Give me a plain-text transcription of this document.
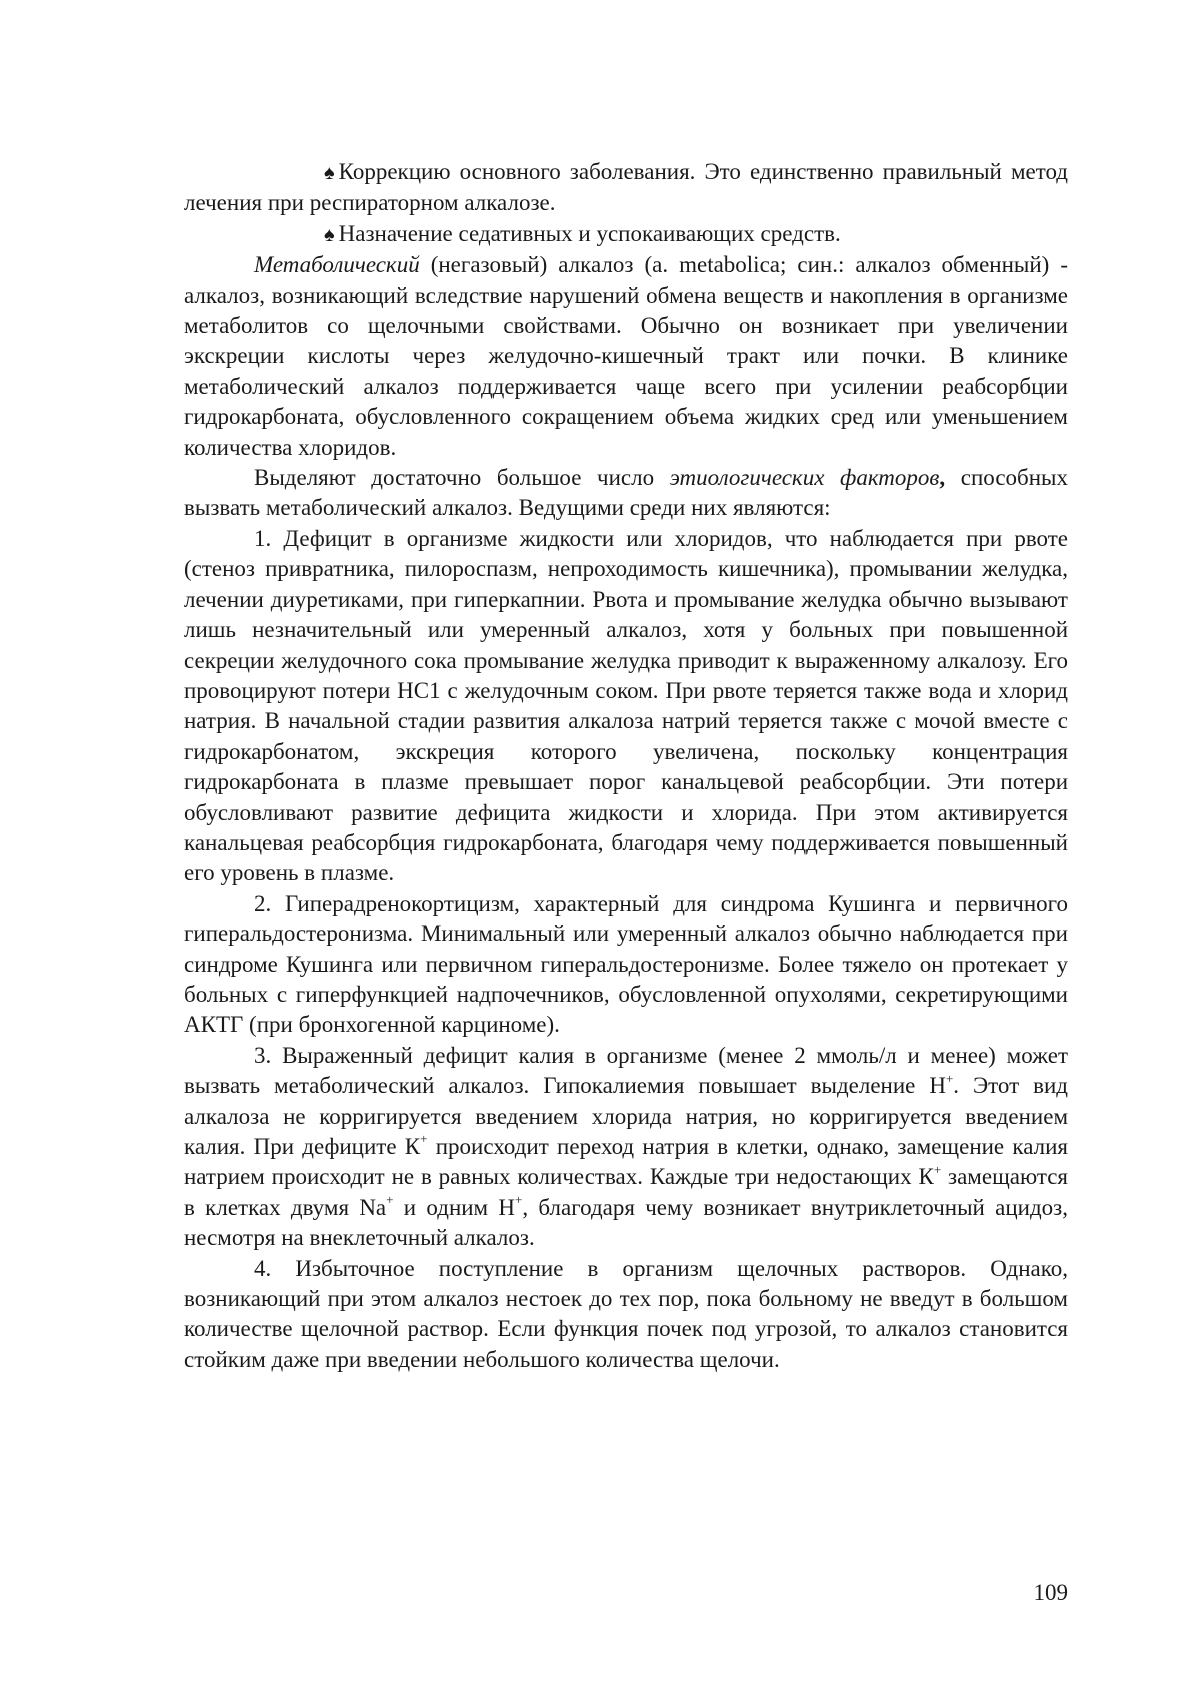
♠ Коррекцию основного заболевания. Это единственно правильный метод лечения при респираторном алкалозе.

♠ Назначение седативных и успокаивающих средств.

Метаболический (негазовый) алкалоз (a. metabolica; син.: алкалоз обменный) - алкалоз, возникающий вследствие нарушений обмена веществ и накопления в организме метаболитов со щелочными свойствами. Обычно он возникает при увеличении экскреции кислоты через желудочно-кишечный тракт или почки. В клинике метаболический алкалоз поддерживается чаще всего при усилении реабсорбции гидрокарбоната, обусловленного сокращением объема жидких сред или уменьшением количества хлоридов.

Выделяют достаточно большое число этиологических факторов, способных вызвать метаболический алкалоз. Ведущими среди них являются:

1. Дефицит в организме жидкости или хлоридов, что наблюдается при рвоте (стеноз привратника, пилороспазм, непроходимость кишечника), промывании желудка, лечении диуретиками, при гиперкапнии. Рвота и промывание желудка обычно вызывают лишь незначительный или умеренный алкалоз, хотя у больных при повышенной секреции желудочного сока промывание желудка приводит к выраженному алкалозу. Его провоцируют потери НС1 с желудочным соком. При рвоте теряется также вода и хлорид натрия. В начальной стадии развития алкалоза натрий теряется также с мочой вместе с гидрокарбонатом, экскреция которого увеличена, поскольку концентрация гидрокарбоната в плазме превышает порог канальцевой реабсорбции. Эти потери обусловливают развитие дефицита жидкости и хлорида. При этом активируется канальцевая реабсорбция гидрокарбоната, благодаря чему поддерживается повышенный его уровень в плазме.

2. Гиперадренокортицизм, характерный для синдрома Кушинга и первичного гиперальдостеронизма. Минимальный или умеренный алкалоз обычно наблюдается при синдроме Кушинга или первичном гиперальдостеронизме. Более тяжело он протекает у больных с гиперфункцией надпочечников, обусловленной опухолями, секретирующими АКТГ (при бронхогенной карциноме).

3. Выраженный дефицит калия в организме (менее 2 ммоль/л и менее) может вызвать метаболический алкалоз. Гипокалиемия повышает выделение Н+. Этот вид алкалоза не корригируется введением хлорида натрия, но корригируется введением калия. При дефиците К+ происходит переход натрия в клетки, однако, замещение калия натрием происходит не в равных количествах. Каждые три недостающих К+ замещаются в клетках двумя Na+ и одним Н+, благодаря чему возникает внутриклеточный ацидоз, несмотря на внеклеточный алкалоз.

4. Избыточное поступление в организм щелочных растворов. Однако, возникающий при этом алкалоз нестоек до тех пор, пока больному не введут в большом количестве щелочной раствор. Если функция почек под угрозой, то алкалоз становится стойким даже при введении небольшого количества щелочи.

109
